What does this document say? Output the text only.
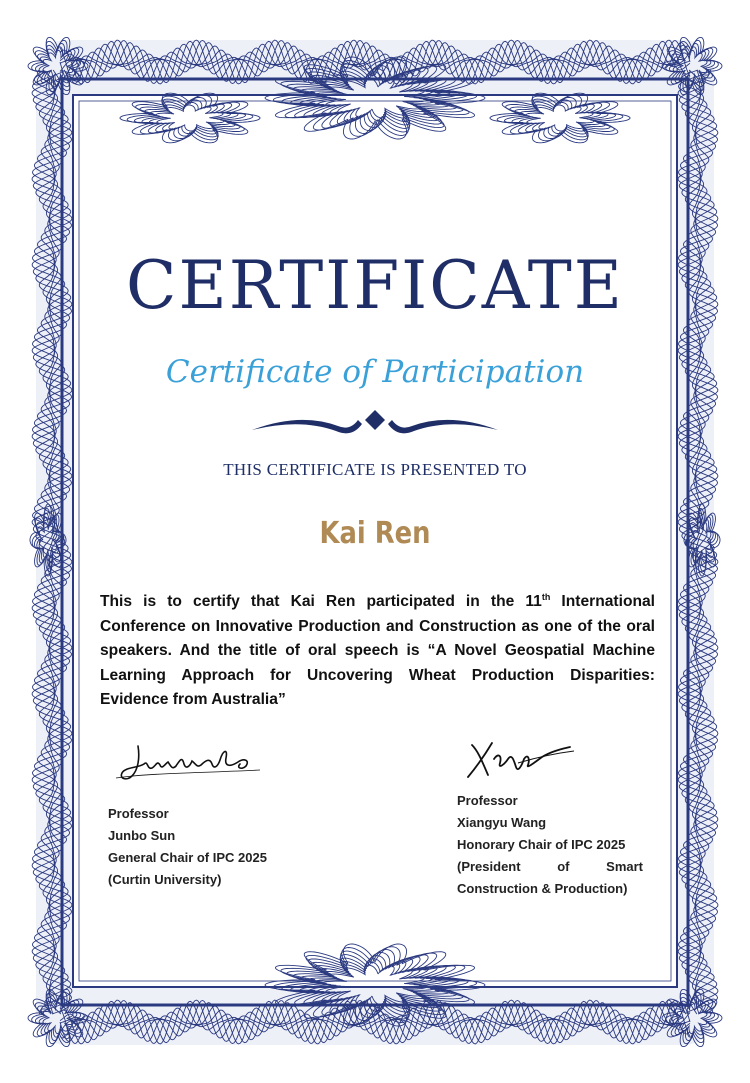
CERTIFICATE
Certificate of Participation
THIS CERTIFICATE IS PRESENTED TO
Kai Ren
This is to certify that Kai Ren participated in the 11th International Conference on Innovative Production and Construction as one of the oral speakers. And the title of oral speech is “A Novel Geospatial Machine Learning Approach for Uncovering Wheat Production Disparities: Evidence from Australia”
Professor
Junbo Sun
General Chair of IPC 2025
(Curtin University)
Professor
Xiangyu Wang
Honorary Chair of IPC 2025
(President of Smart
Construction & Production)
